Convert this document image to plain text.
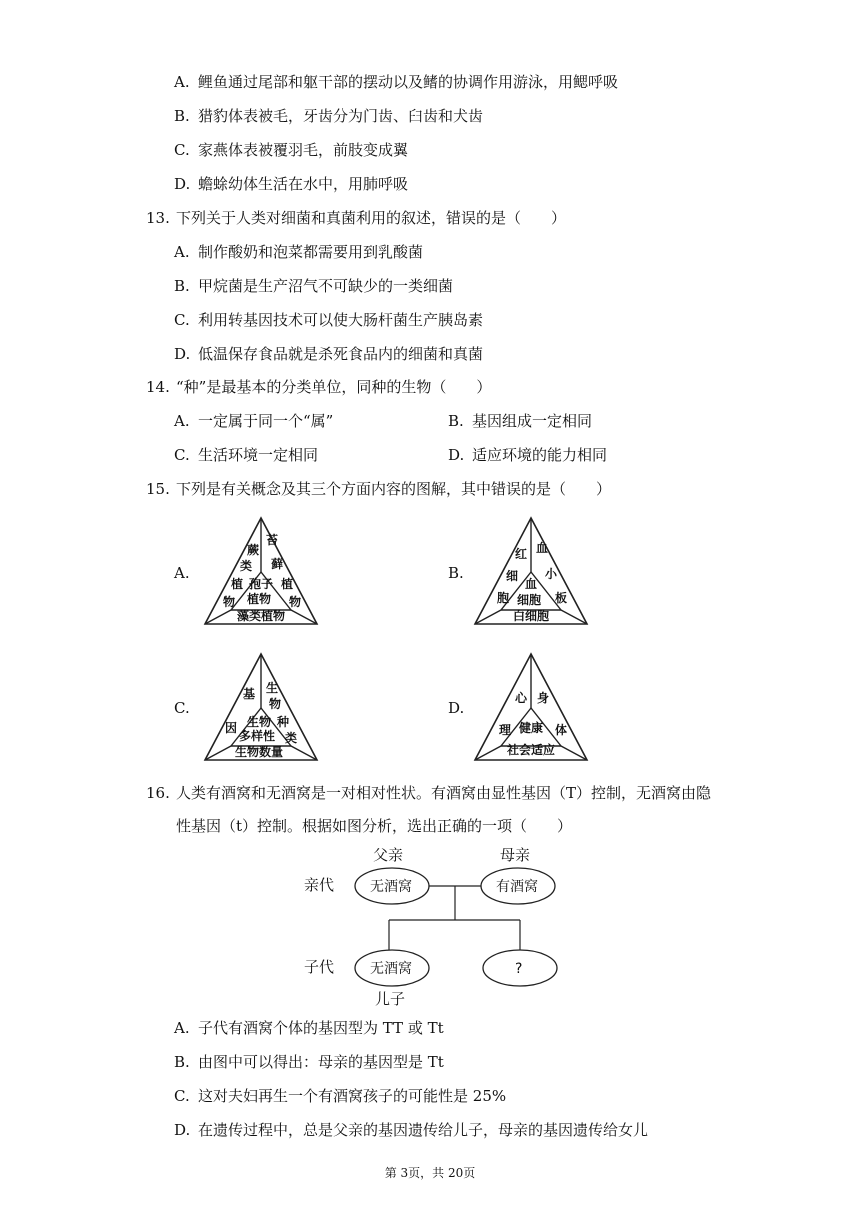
A. 鲤鱼通过尾部和躯干部的摆动以及鳍的协调作用游泳，用鳃呼吸
B. 猎豹体表被毛，牙齿分为门齿、臼齿和犬齿
C. 家燕体表被覆羽毛，前肢变成翼
D. 蟾蜍幼体生活在水中，用肺呼吸
13. 下列关于人类对细菌和真菌利用的叙述，错误的是（　　）
A. 制作酸奶和泡菜都需要用到乳酸菌
B. 甲烷菌是生产沼气不可缺少的一类细菌
C. 利用转基因技术可以使大肠杆菌生产胰岛素
D. 低温保存食品就是杀死食品内的细菌和真菌
14. “种”是最基本的分类单位，同种的生物（　　）
A. 一定属于同一个“属”	B. 基因组成一定相同
C. 生活环境一定相同	D. 适应环境的能力相同
15. 下列是有关概念及其三个方面内容的图解，其中错误的是（　　）
A.	B.
C.	D.
蕨
类
植
物
苔
藓
植
物
孢子
植物
藻类植物
红
细
胞
血
小
板
血
细胞
白细胞
基
因
生
物
种
类
生物
多样性
生物数量
心
理
身
体
健康
社会适应
16. 人类有酒窝和无酒窝是一对相对性状。有酒窝由显性基因（T）控制，无酒窝由隐
性基因（t）控制。根据如图分析，选出正确的一项（　　）
父亲	母亲
亲代
子代
儿子
无酒窝	有酒窝
无酒窝	?
A. 子代有酒窝个体的基因型为 TT 或 Tt
B. 由图中可以得出：母亲的基因型是 Tt
C. 这对夫妇再生一个有酒窝孩子的可能性是 25%
D. 在遗传过程中，总是父亲的基因遗传给儿子，母亲的基因遗传给女儿
第 3页，共 20页
